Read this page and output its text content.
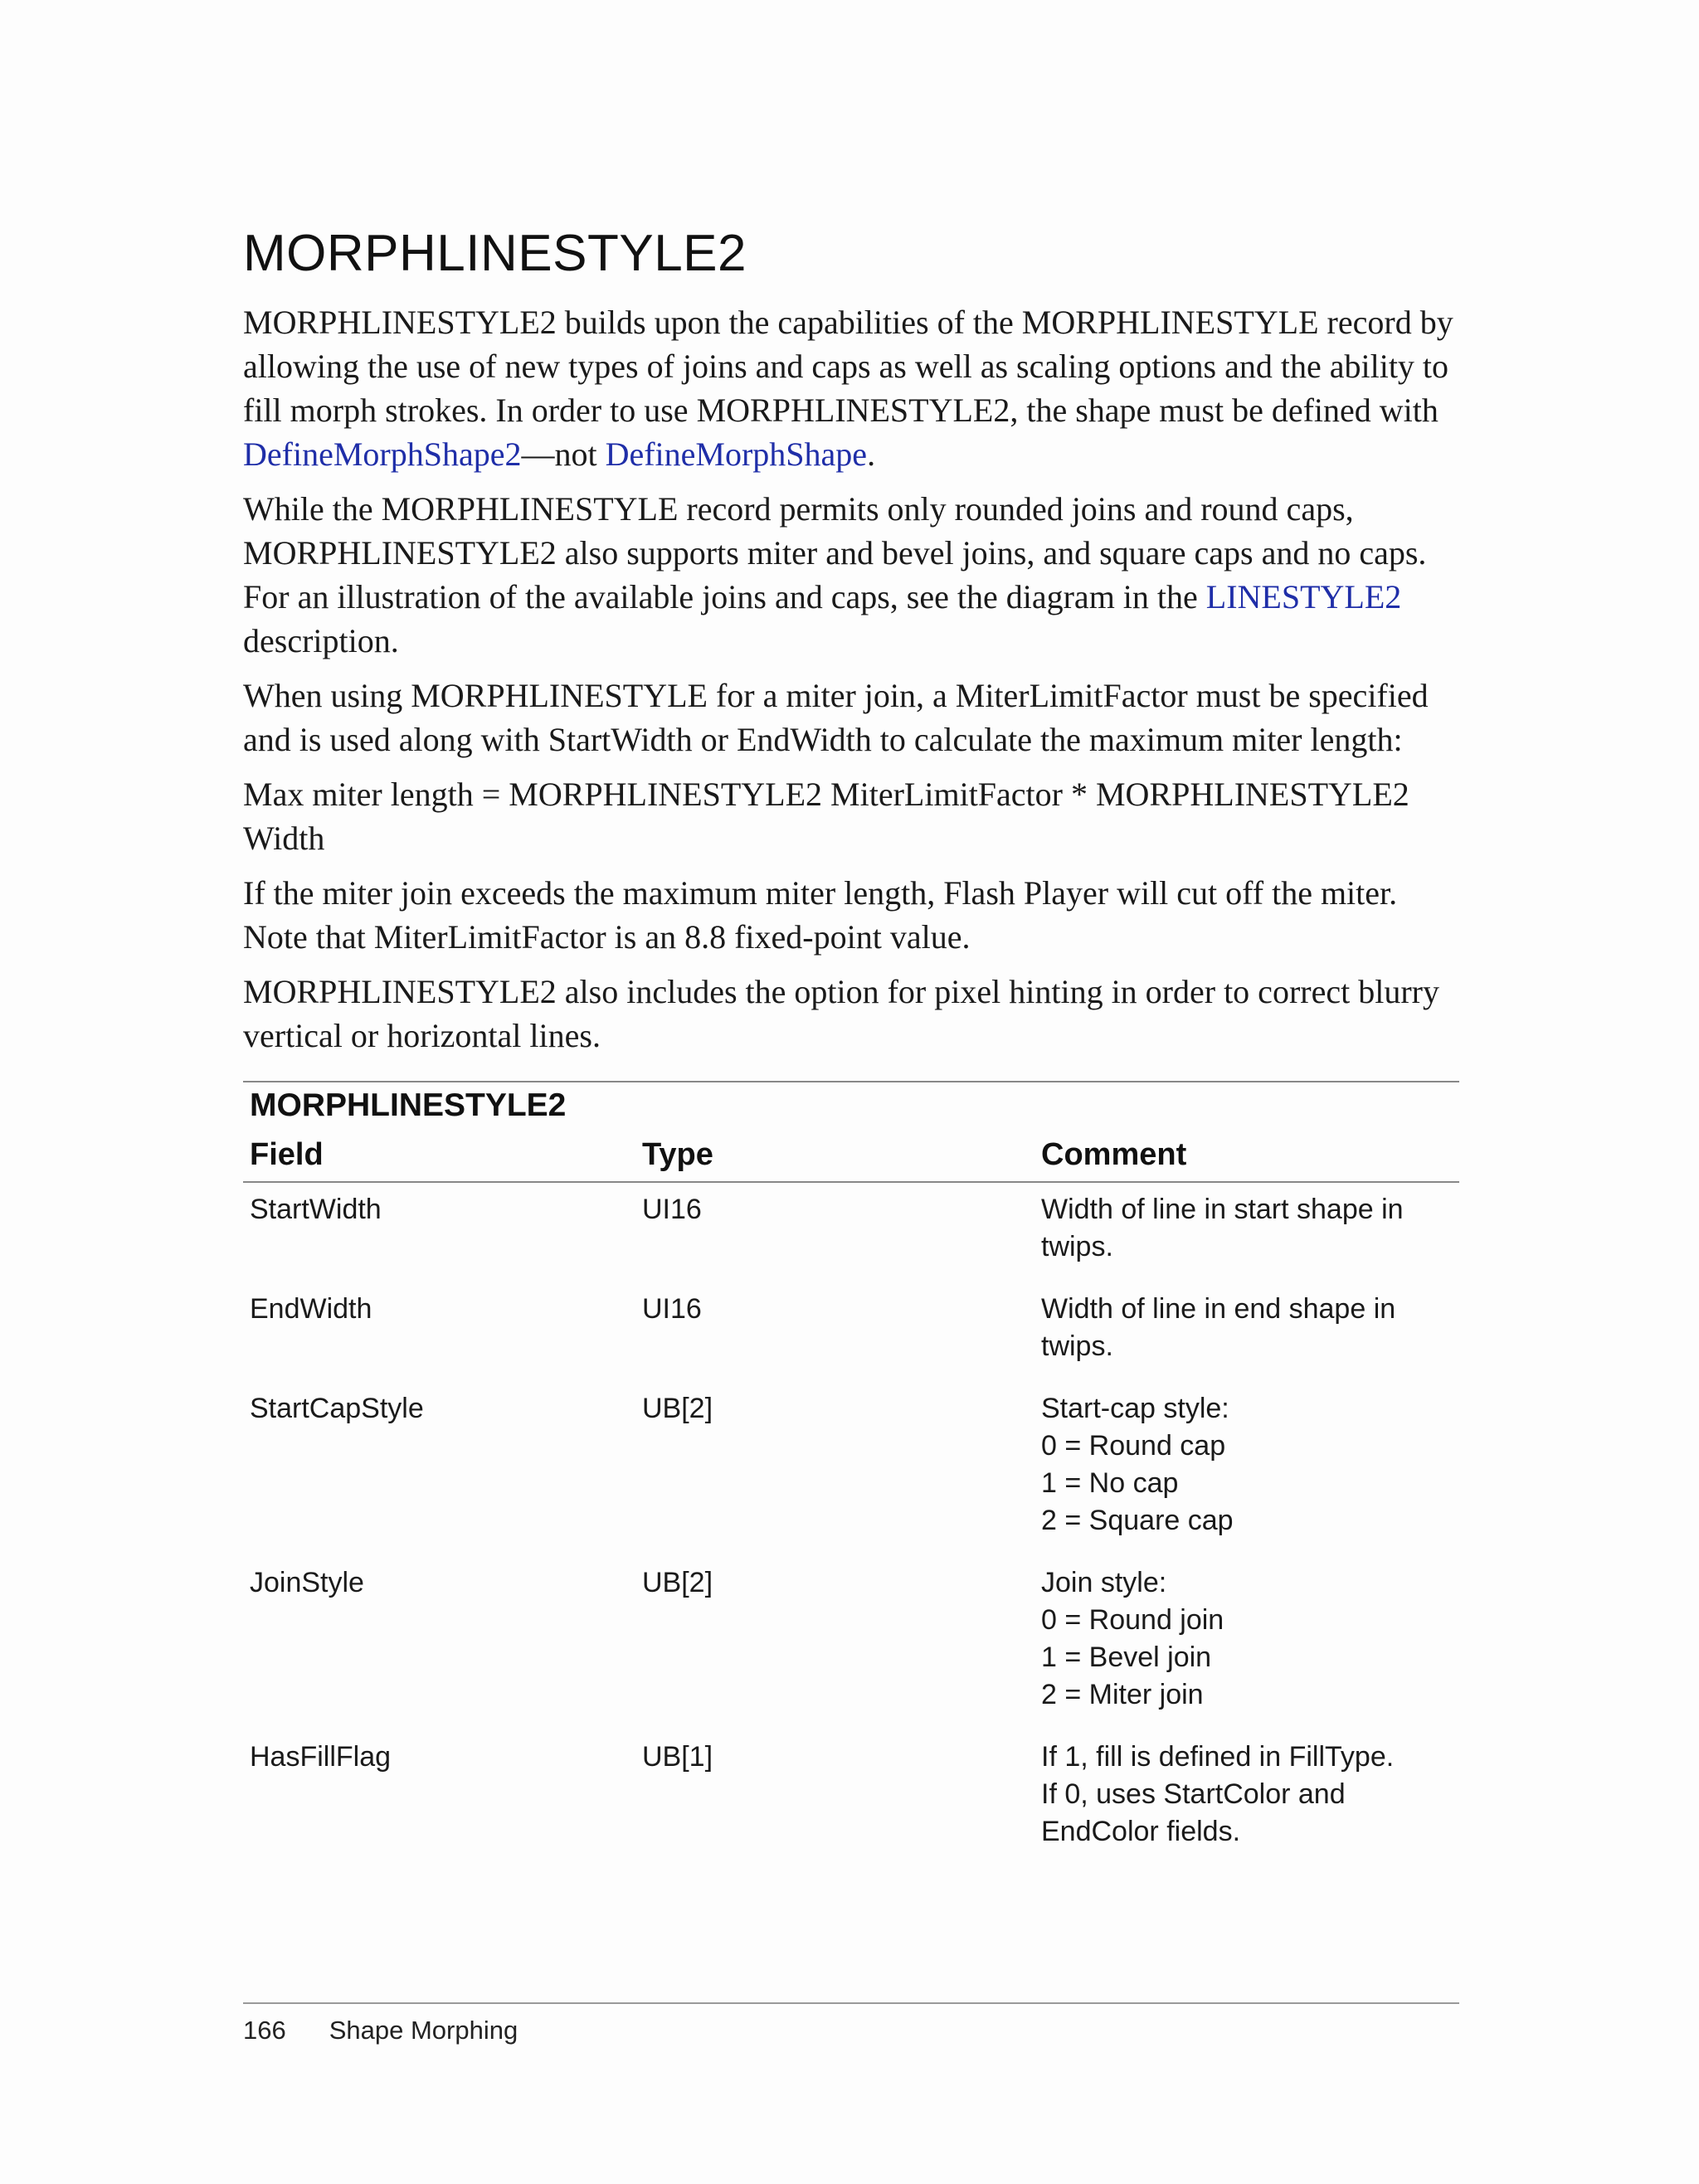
MORPHLINESTYLE2

MORPHLINESTYLE2 builds upon the capabilities of the MORPHLINESTYLE record by allowing the use of new types of joins and caps as well as scaling options and the ability to fill morph strokes. In order to use MORPHLINESTYLE2, the shape must be defined with DefineMorphShape2—not DefineMorphShape.

While the MORPHLINESTYLE record permits only rounded joins and round caps, MORPHLINESTYLE2 also supports miter and bevel joins, and square caps and no caps. For an illustration of the available joins and caps, see the diagram in the LINESTYLE2 description.

When using MORPHLINESTYLE for a miter join, a MiterLimitFactor must be specified and is used along with StartWidth or EndWidth to calculate the maximum miter length:

Max miter length = MORPHLINESTYLE2 MiterLimitFactor * MORPHLINESTYLE2 Width

If the miter join exceeds the maximum miter length, Flash Player will cut off the miter. Note that MiterLimitFactor is an 8.8 fixed-point value.

MORPHLINESTYLE2 also includes the option for pixel hinting in order to correct blurry vertical or horizontal lines.

MORPHLINESTYLE2
Field	Type	Comment
StartWidth	UI16	Width of line in start shape in
twips.

EndWidth	UI16	Width of line in end shape in
twips.

StartCapStyle	UB[2]	Start-cap style:
0 = Round cap
1 = No cap
2 = Square cap

JoinStyle	UB[2]	Join style:
0 = Round join
1 = Bevel join
2 = Miter join

HasFillFlag	UB[1]	If 1, fill is defined in FillType.
If 0, uses StartColor and
EndColor fields.
166 Shape Morphing
